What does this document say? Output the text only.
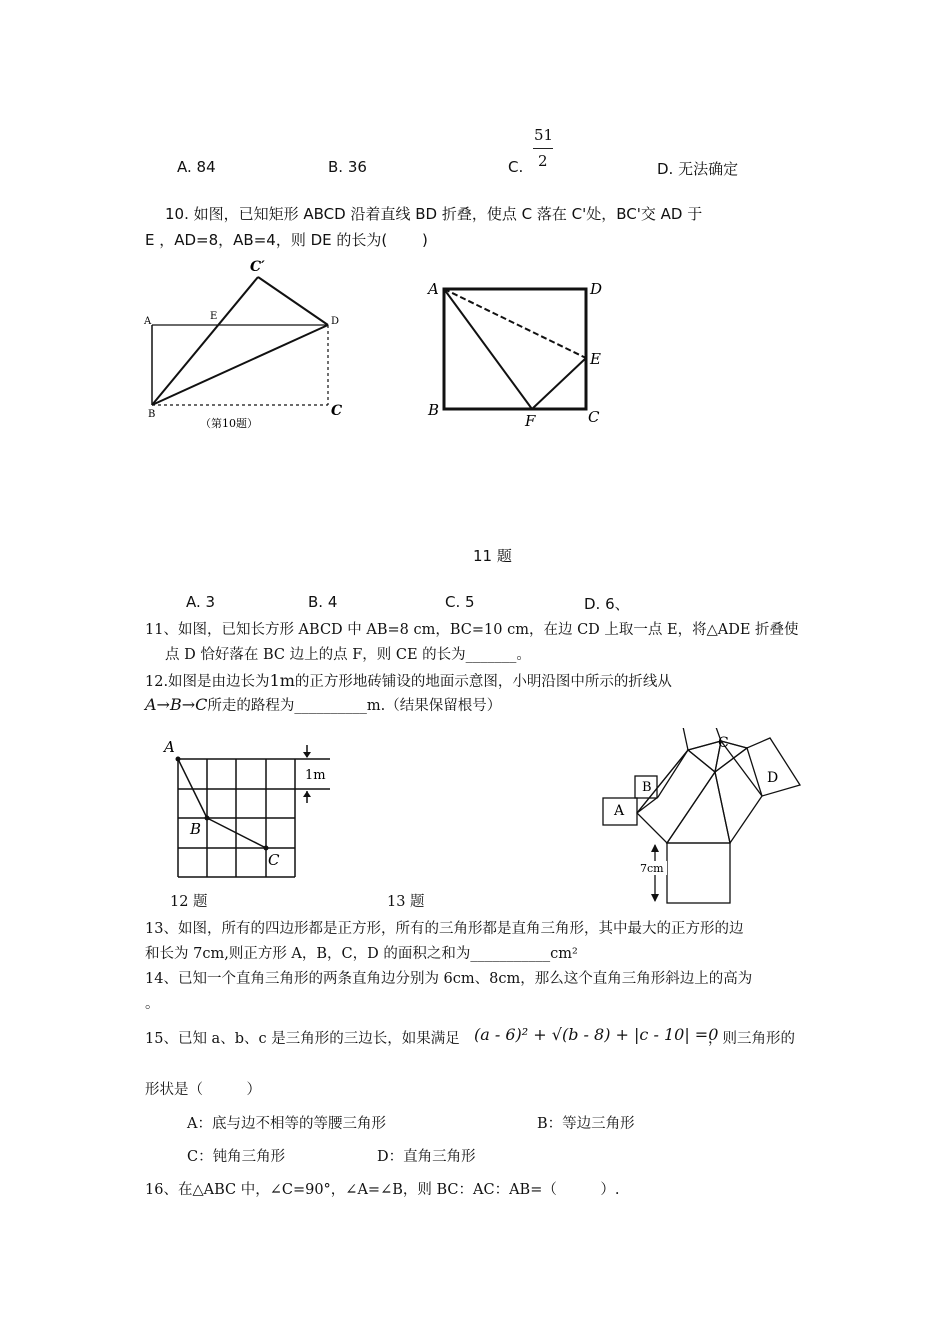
A. 84	B. 36	C.
51
2	D. 无法确定
10. 如图，已知矩形 ABCD 沿着直线 BD 折叠，使点 C 落在 C'处，BC'交 AD 于
E ，AD=8，AB=4，则 DE 的长为(　　 )
C′
A	E	D
B	C
（第10题）
A	D
E
B
F	C
11 题
A. 3	B. 4	C. 5	D. 6、
11、如图，已知长方形 ABCD 中 AB=8 cm，BC=10 cm，在边 CD 上取一点 E，将△ADE 折叠使
点 D 恰好落在 BC 边上的点 F，则 CE 的长为_______。
12.如图是由边长为1m的正方形地砖铺设的地面示意图，小明沿图中所示的折线从
A→B→C所走的路程为__________m.（结果保留根号）
A
B
C
1m
12 题	13 题
C
D
B
A
7cm
13、如图，所有的四边形都是正方形，所有的三角形都是直角三角形，其中最大的正方形的边
和长为 7cm,则正方形 A，B，C，D 的面积之和为___________cm²
14、已知一个直角三角形的两条直角边分别为 6cm、8cm，那么这个直角三角形斜边上的高为
。
15、已知 a、b、c 是三角形的三边长，如果满足 (a - 6)² + √(b - 8) + |c - 10| =0
，则三角形的
形状是（　　　）
A：底与边不相等的等腰三角形	B：等边三角形
C：钝角三角形	D：直角三角形
16、在△ABC 中，∠C=90°，∠A=∠B，则 BC：AC：AB=（　　　）.
